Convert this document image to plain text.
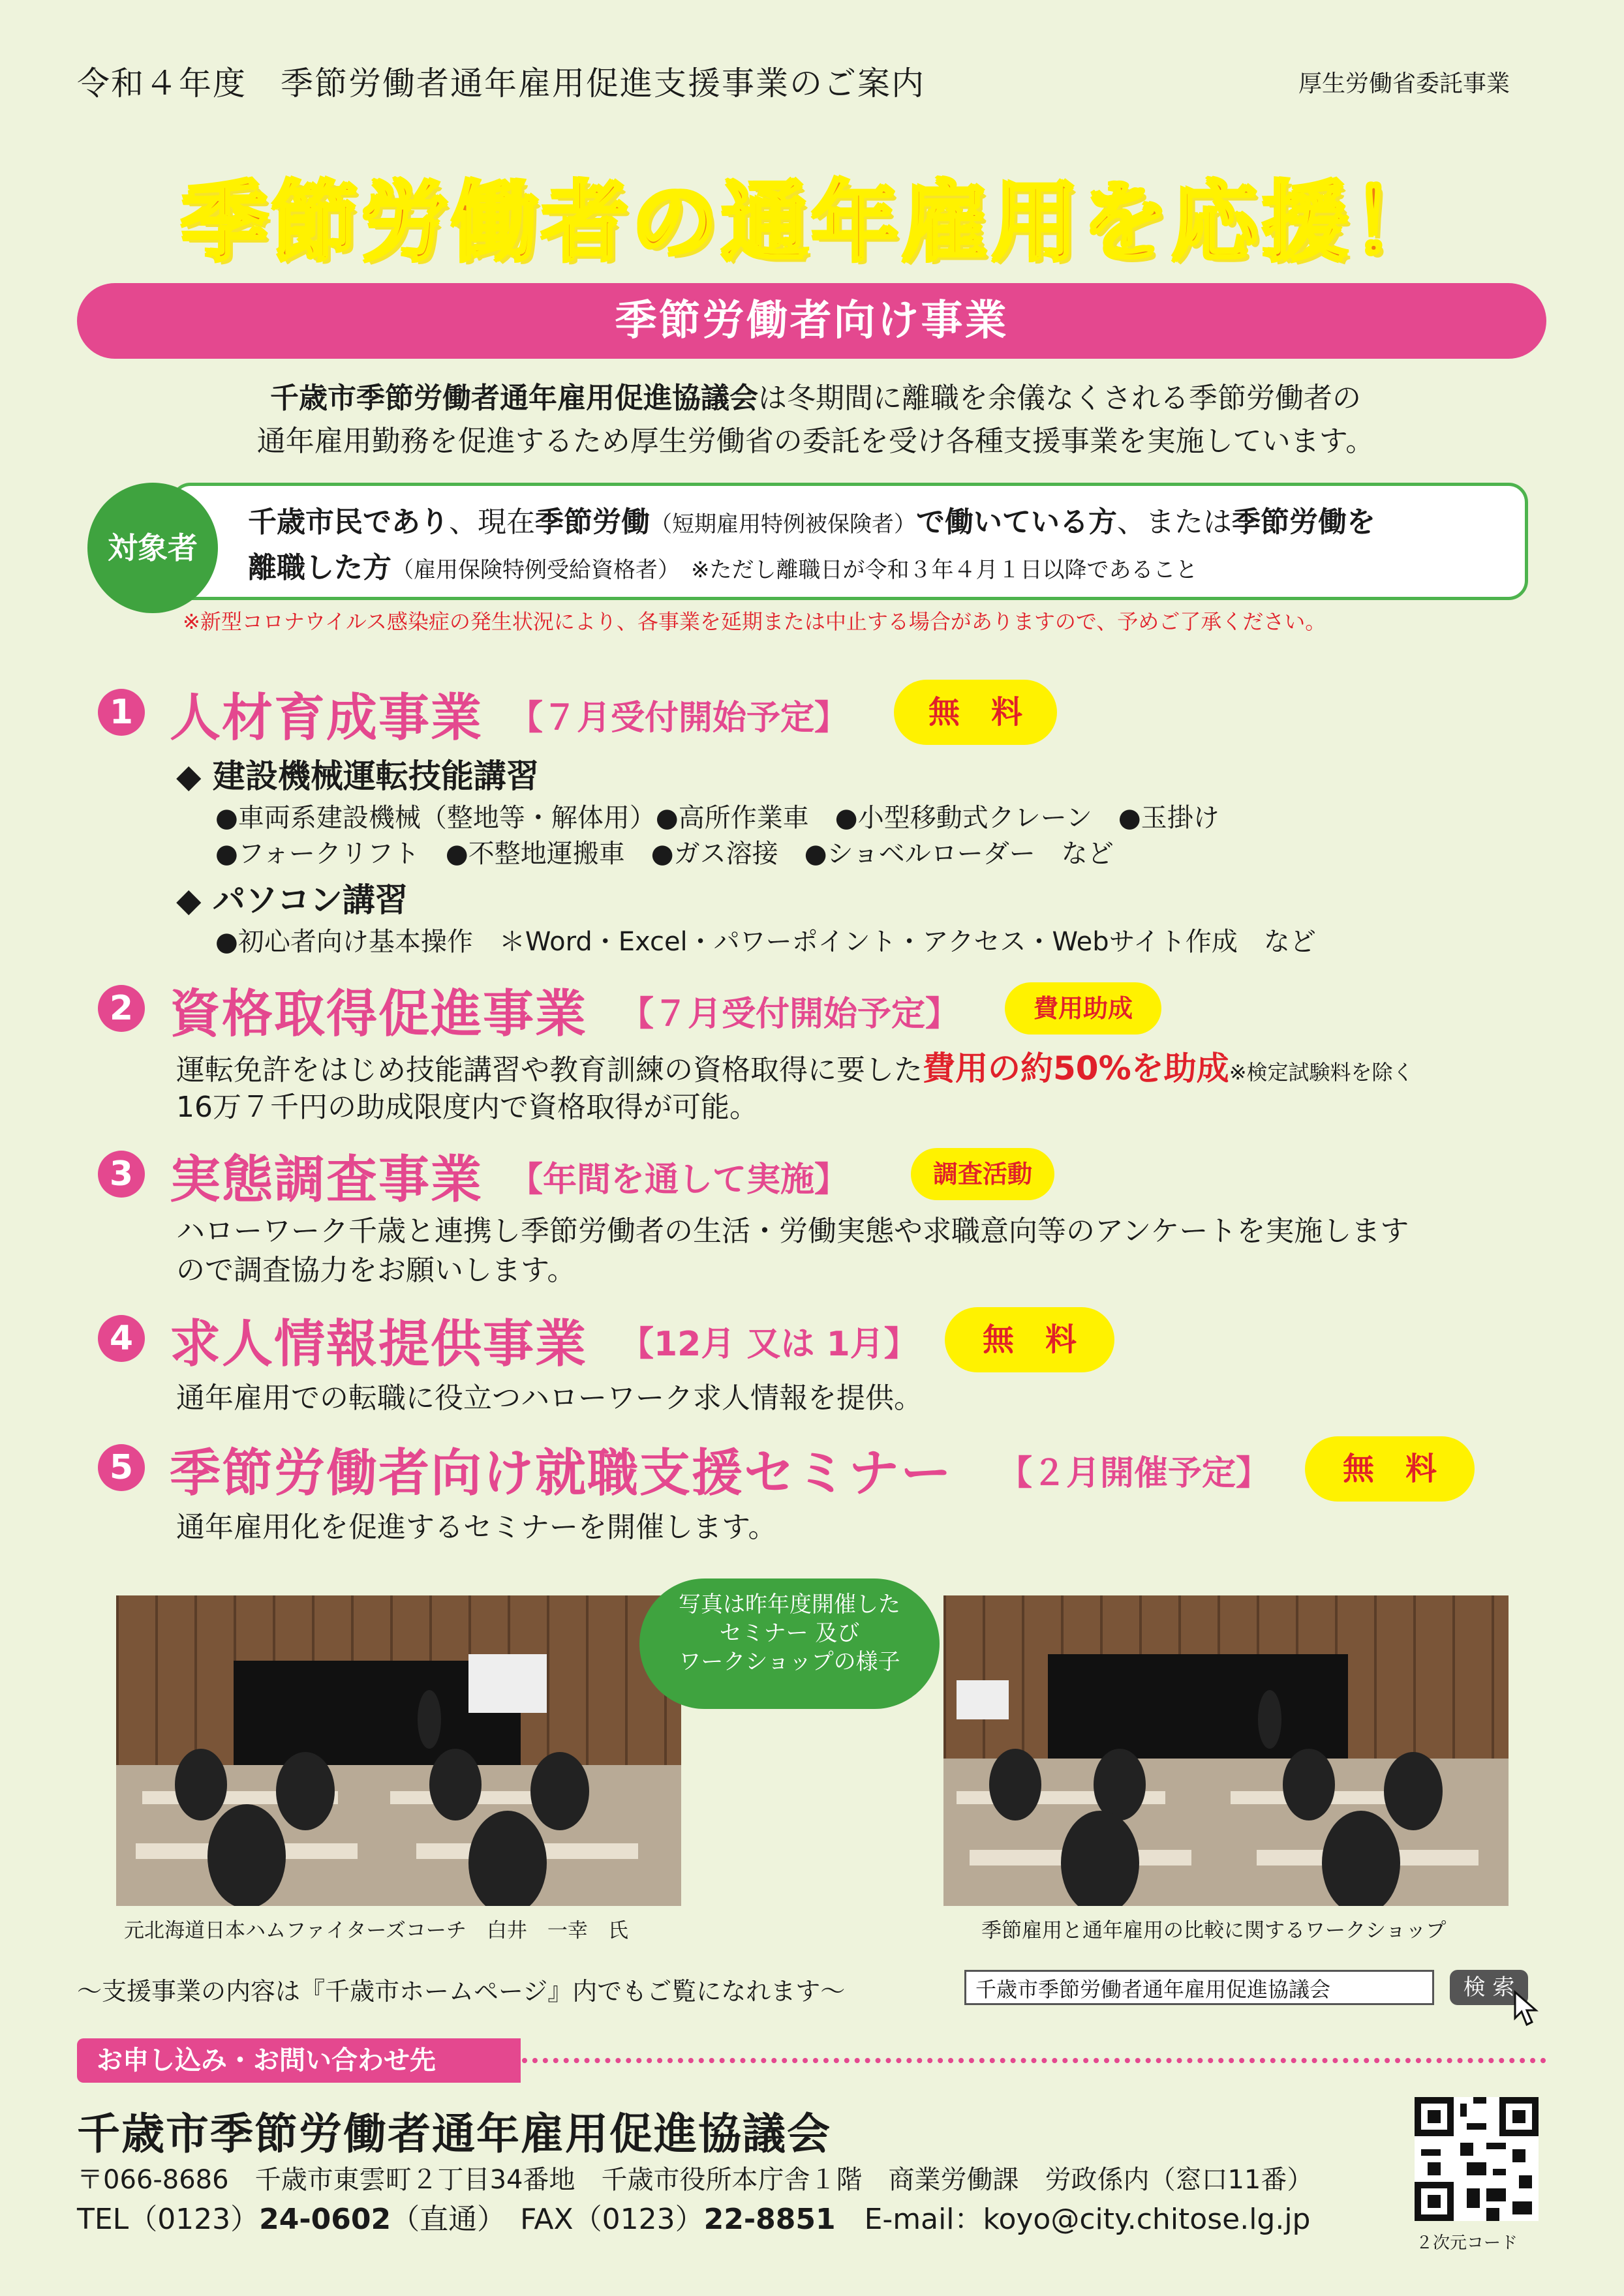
令和４年度　季節労働者通年雇用促進支援事業のご案内	厚生労働省委託事業
季節労働者の通年雇用を応援！
季節労働者向け事業
千歳市季節労働者通年雇用促進協議会は冬期間に離職を余儀なくされる季節労働者の
通年雇用勤務を促進するため厚生労働省の委託を受け各種支援事業を実施しています。
対象者
千歳市民であり、現在季節労働（短期雇用特例被保険者）で働いている方、または季節労働を
離職した方（雇用保険特例受給資格者）　※ただし離職日が令和３年４月１日以降であること
※新型コロナウイルス感染症の発生状況により、各事業を延期または中止する場合がありますので、予めご了承ください。
1 人材育成事業 【７月受付開始予定】	無　料
◆ 建設機械運転技能講習
●車両系建設機械（整地等・解体用）●高所作業車　●小型移動式クレーン　●玉掛け
●フォークリフト　●不整地運搬車　●ガス溶接　●ショベルローダー　など
◆ パソコン講習
●初心者向け基本操作　＊Word・Excel・パワーポイント・アクセス・Webサイト作成　など
2 資格取得促進事業 【７月受付開始予定】	費用助成
運転免許をはじめ技能講習や教育訓練の資格取得に要した費用の約50%を助成※検定試験料を除く
16万７千円の助成限度内で資格取得が可能。
3 実態調査事業 【年間を通して実施】	調査活動
ハローワーク千歳と連携し季節労働者の生活・労働実態や求職意向等のアンケートを実施します
ので調査協力をお願いします。
4 求人情報提供事業 【12月 又は 1月】	無　料
通年雇用での転職に役立つハローワーク求人情報を提供。
5 季節労働者向け就職支援セミナー 【２月開催予定】	無　料
通年雇用化を促進するセミナーを開催します。
写真は昨年度開催した
セミナー 及び
ワークショップの様子
元北海道日本ハムファイターズコーチ　白井　一幸　氏	季節雇用と通年雇用の比較に関するワークショップ
〜支援事業の内容は『千歳市ホームページ』内でもご覧になれます〜	千歳市季節労働者通年雇用促進協議会	検 索
お申し込み・お問い合わせ先
千歳市季節労働者通年雇用促進協議会
〒066-8686　千歳市東雲町２丁目34番地　千歳市役所本庁舎１階　商業労働課　労政係内（窓口11番）
TEL（0123）24-0602（直通）　FAX（0123）22-8851　E-mail：koyo@city.chitose.lg.jp
２次元コード
